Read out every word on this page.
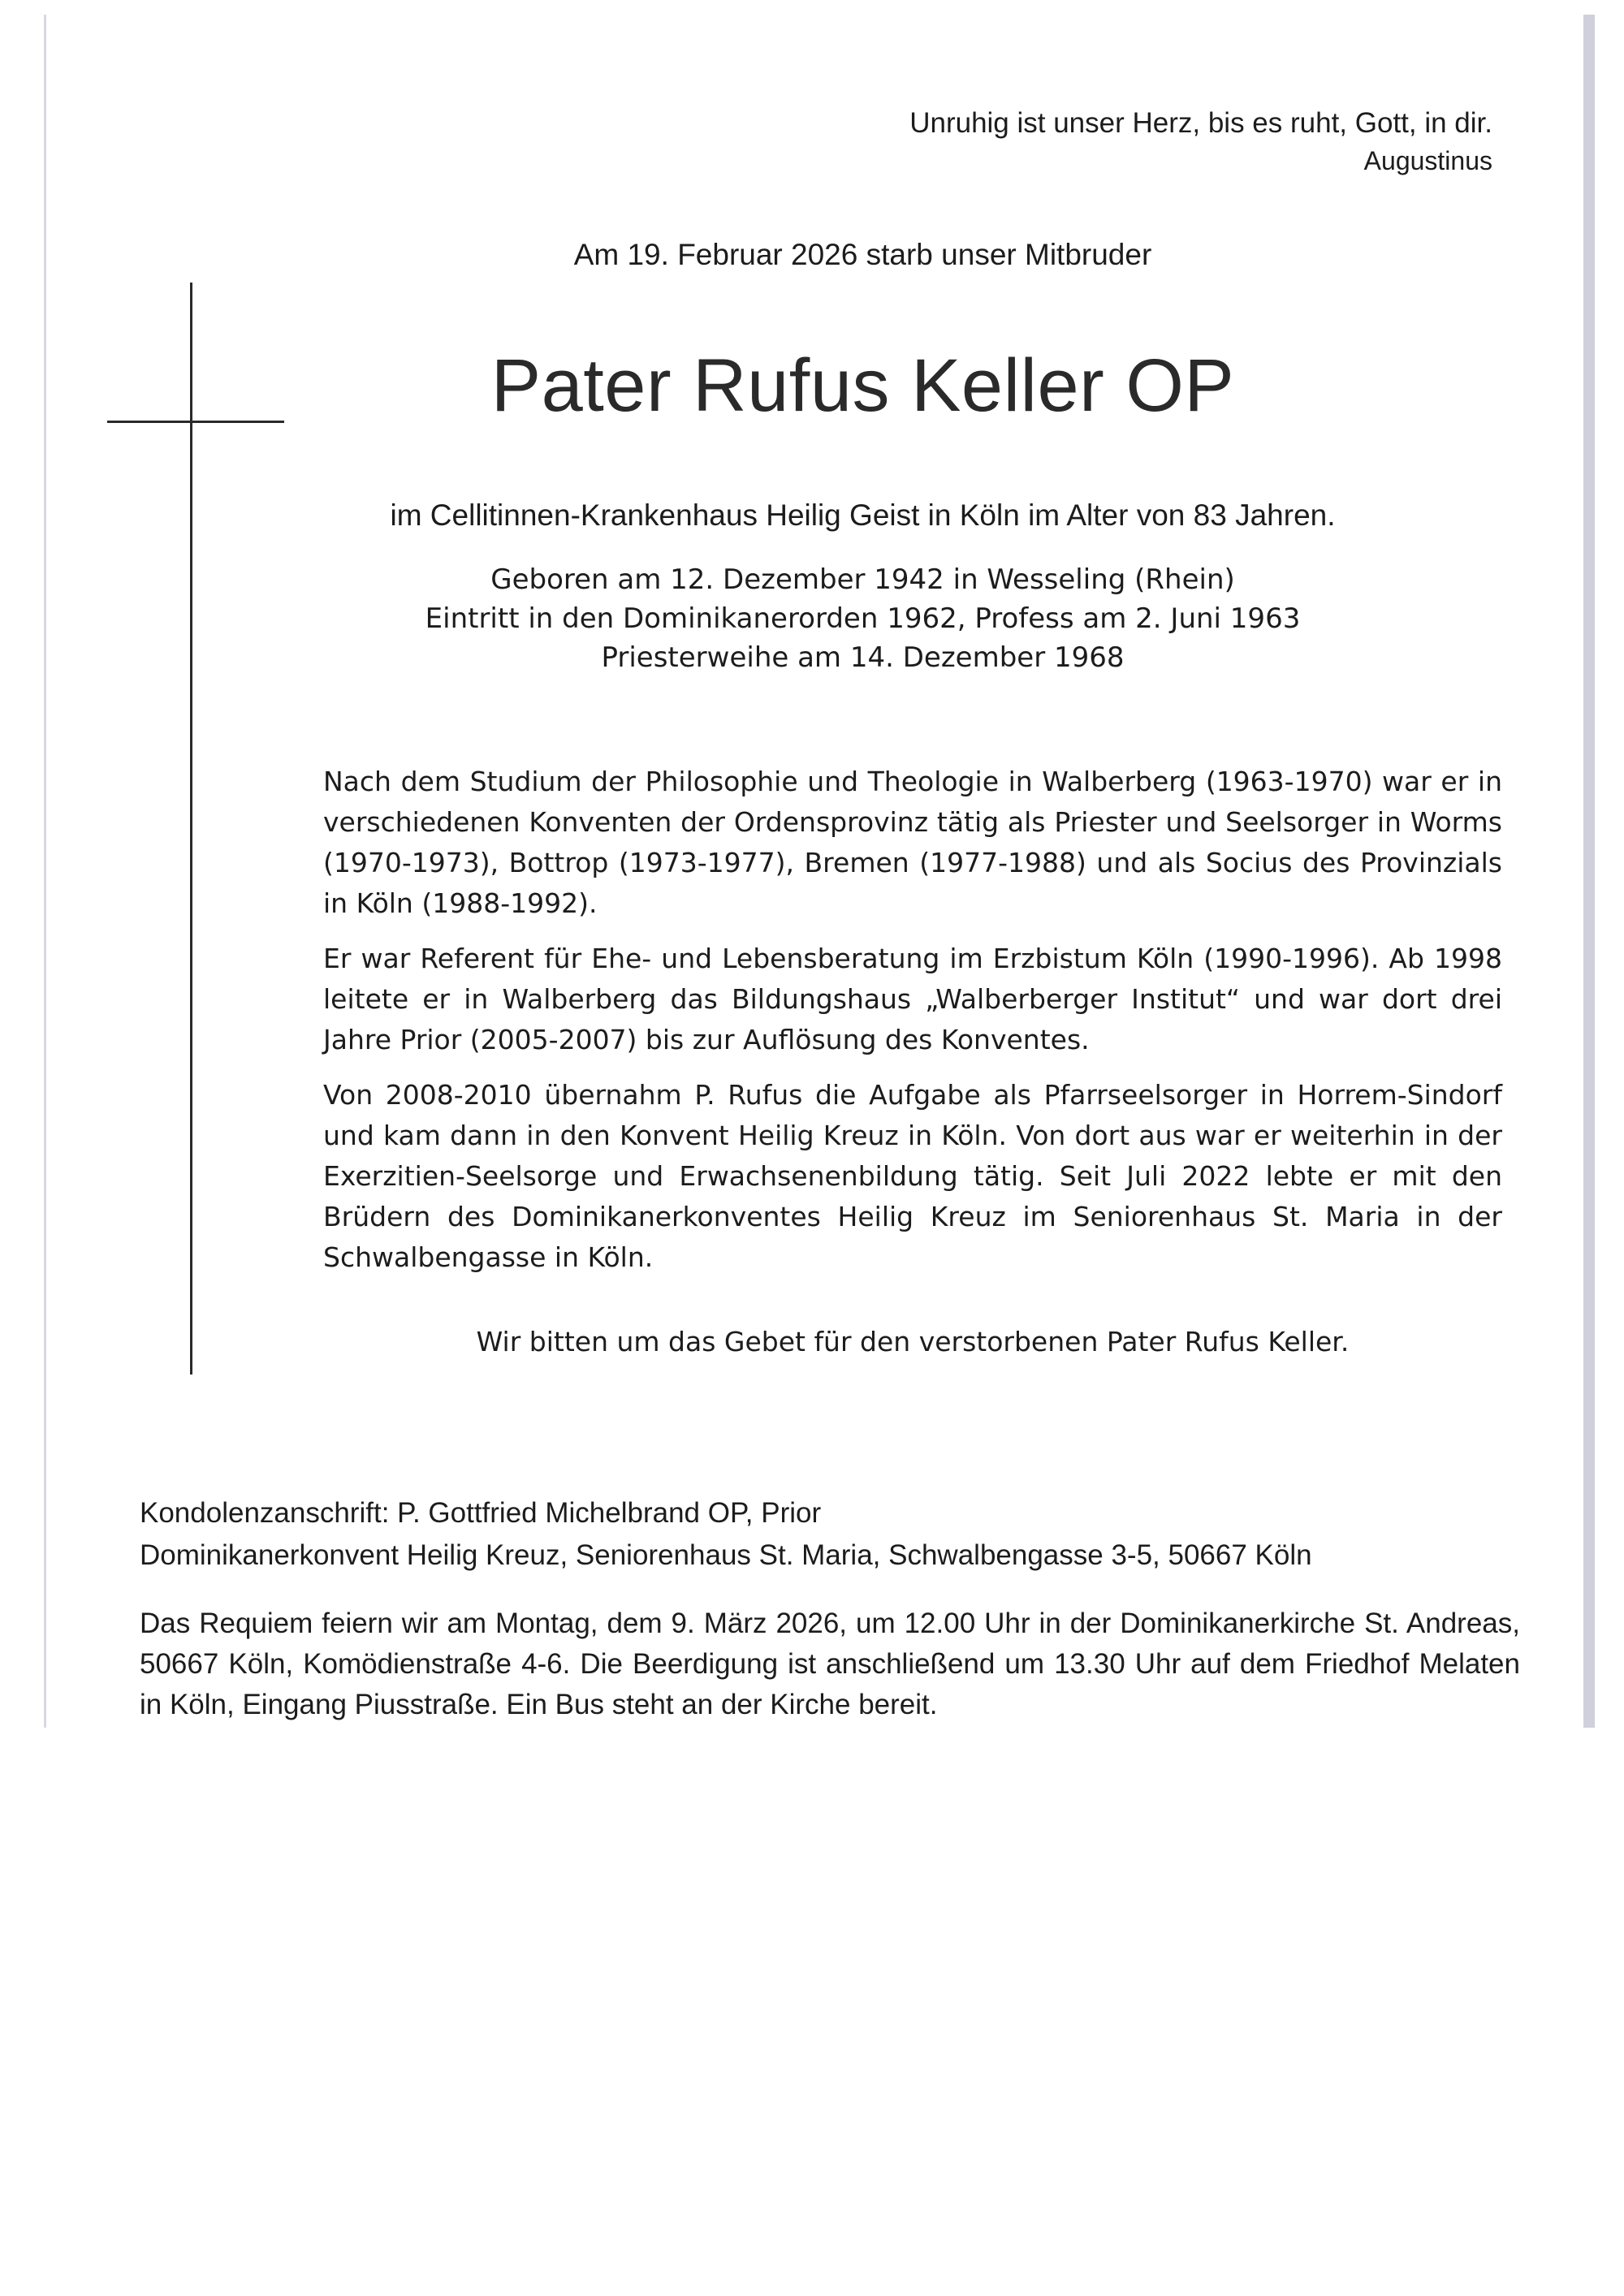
Unruhig ist unser Herz, bis es ruht, Gott, in dir.
Augustinus
Am 19. Februar 2026 starb unser Mitbruder
Pater Rufus Keller OP
im Cellitinnen-Krankenhaus Heilig Geist in Köln im Alter von 83 Jahren.
Geboren am 12. Dezember 1942 in Wesseling (Rhein)
Eintritt in den Dominikanerorden 1962, Profess am 2. Juni 1963
Priesterweihe am 14. Dezember 1968

Nach dem Studium der Philosophie und Theologie in Walberberg (1963-1970) war er in verschiedenen Konventen der Ordensprovinz tätig als Priester und Seelsorger in Worms (1970-1973), Bottrop (1973-1977), Bremen (1977-1988) und als Socius des Provinzials in Köln (1988-1992).

Er war Referent für Ehe- und Lebensberatung im Erzbistum Köln (1990-1996). Ab 1998 leitete er in Walberberg das Bildungshaus „Walberberger Institut“ und war dort drei Jahre Prior (2005-2007) bis zur Auflösung des Konventes.

Von 2008-2010 übernahm P. Rufus die Aufgabe als Pfarrseelsorger in Horrem-Sindorf und kam dann in den Konvent Heilig Kreuz in Köln. Von dort aus war er weiterhin in der Exerzitien-Seelsorge und Erwachsenenbildung tätig. Seit Juli 2022 lebte er mit den Brüdern des Dominikanerkonventes Heilig Kreuz im Seniorenhaus St. Maria in der Schwalbengasse in Köln.

Wir bitten um das Gebet für den verstorbenen Pater Rufus Keller.
Kondolenzanschrift: P. Gottfried Michelbrand OP, Prior
Dominikanerkonvent Heilig Kreuz, Seniorenhaus St. Maria, Schwalbengasse 3-5, 50667 Köln
Das Requiem feiern wir am Montag, dem 9. März 2026, um 12.00 Uhr in der Dominikanerkirche St. Andreas, 50667 Köln, Komödienstraße 4-6. Die Beerdigung ist anschließend um 13.30 Uhr auf dem Friedhof Melaten in Köln, Eingang Piusstraße. Ein Bus steht an der Kirche bereit.
